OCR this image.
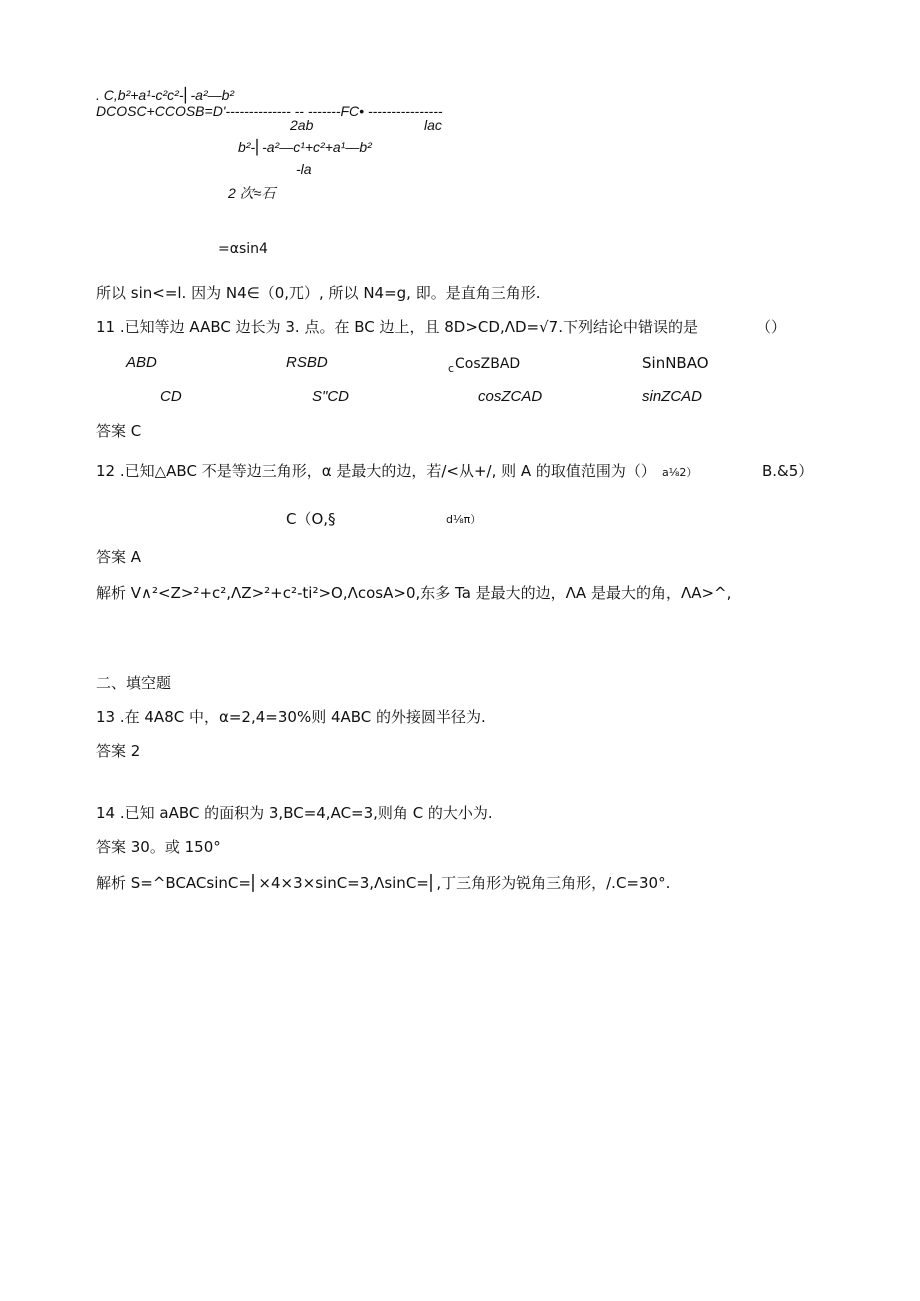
. C,b²+a¹-c²c²-⎢-a²—b²
DCOSC+CCOSB=D'-------------- -- -------FC• ----------------
2ab	lac
b²-⎢-a²—c¹+c²+a¹—b²
-la
2 次≈石
=αsin4
所以 sin<=l. 因为 N4∈（0,兀）, 所以 N4=g, 即。是直角三角形.
11 .已知等边 AABC 边长为 3. 点。在 BC 边上，且 8D>CD,ΛD=√7.下列结论中错误的是	（）
ABD	RSBD	c CosZBAD	SinNBAO
CD	S"CD	cosZCAD	sinZCAD
答案 C
12 .已知△ABC 不是等边三角形，α 是最大的边，若/<从+/, 则 A 的取值范围为（） a⅛2）	B.&5）
C（O,§	d⅛π）
答案 A
解析 V∧²<Z>²+c²,ΛZ>²+c²-ti²>O,ΛcosA>0,东多 Ta 是最大的边，ΛA 是最大的角，ΛA>^,
二、填空题
13 .在 4A8C 中，α=2,4=30%则 4ABC 的外接圆半径为.
答案 2
14 .已知 aABC 的面积为 3,BC=4,AC=3,则角 C 的大小为.
答案 30。或 150°
解析 S=^BCACsinC=⎢×4×3×sinC=3,ΛsinC=⎢,丁三角形为锐角三角形，/.C=30°.
